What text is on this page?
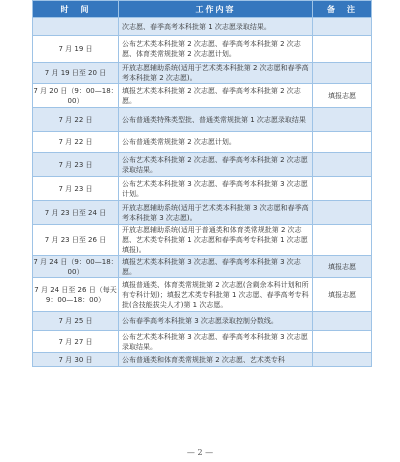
时　间	工作内容	备　注
	次志愿、春季高考本科批第 1 次志愿录取结果。	
7 月 19 日	公布艺术类本科批第 2 次志愿、春季高考本科批第 2 次志愿、体育类常规批第 2 次志愿计划。	
7 月 19 日至 20 日	开放志愿辅助系统(适用于艺术类本科批第 2 次志愿和春季高考本科批第 2 次志愿)。	
7 月 20 日（9：00—18：00）	填报艺术类本科批第 2 次志愿、春季高考本科批第 2 次志愿。	填报志愿
7 月 22 日	公布普通类特殊类型批、普通类常规批第 1 次志愿录取结果	
7 月 22 日	公布普通类常规批第 2 次志愿计划。	
7 月 23 日	公布艺术类本科批第 2 次志愿、春季高考本科批第 2 次志愿录取结果。	
7 月 23 日	公布艺术类本科批第 3 次志愿、春季高考本科批第 3 次志愿计划。	
7 月 23 日至 24 日	开放志愿辅助系统(适用于艺术类本科批第 3 次志愿和春季高考本科批第 3 次志愿)。	
7 月 23 日至 26 日	开放志愿辅助系统(适用于普通类和体育类常规批第 2 次志愿、艺术类专科批第 1 次志愿和春季高考专科批第 1 次志愿填报)。	
7 月 24 日（9：00—18：00）	填报艺术类本科批第 3 次志愿、春季高考本科批第 3 次志愿。	填报志愿
7 月 24 日至 26 日（每天 9：00—18：00）	填报普通类、体育类常规批第 2 次志愿(含剩余本科计划和所有专科计划)；填报艺术类专科批第 1 次志愿、春季高考专科批(含技能拔尖人才)第 1 次志愿。	填报志愿
7 月 25 日	公布春季高考本科批第 3 次志愿录取控制分数线。	
7 月 27 日	公布艺术类本科批第 3 次志愿、春季高考本科批第 3 次志愿录取结果。	
7 月 30 日	公布普通类和体育类常规批第 2 次志愿、艺术类专科	
— 2 —
